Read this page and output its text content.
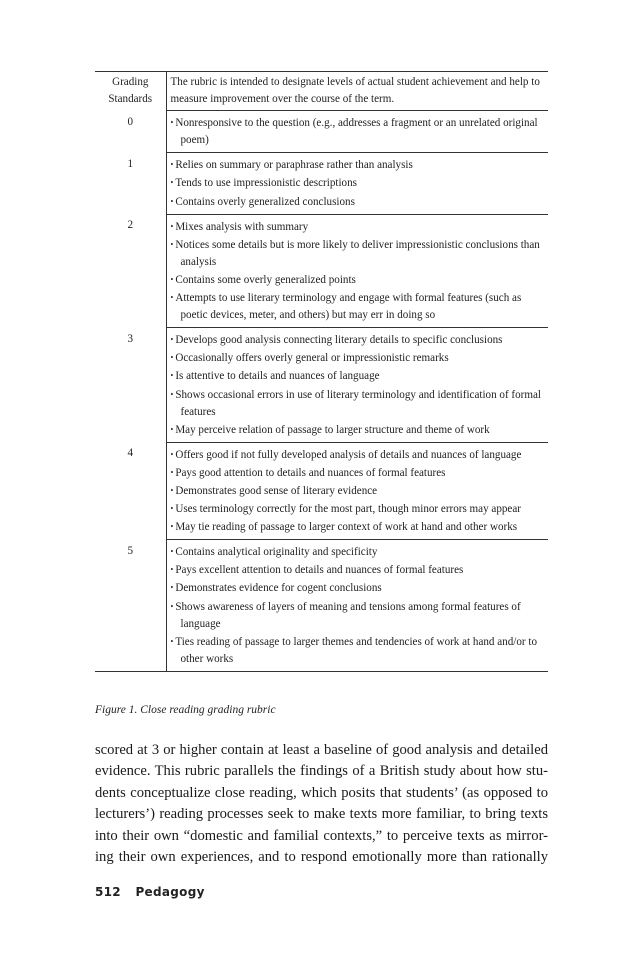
Grading
Standards	The rubric is intended to designate levels of actual student achievement and help to measure improvement over the course of the term.
0	• Nonresponsive to the question (e.g., addresses a fragment or an unrelated original poem)

1	• Relies on summary or paraphrase rather than analysis
• Tends to use impressionistic descriptions
• Contains overly generalized conclusions

2	• Mixes analysis with summary
• Notices some details but is more likely to deliver impressionistic conclusions than analysis
• Contains some overly generalized points
• Attempts to use literary terminology and engage with formal features (such as poetic devices, meter, and others) but may err in doing so

3	• Develops good analysis connecting literary details to specific conclusions
• Occasionally offers overly general or impressionistic remarks
• Is attentive to details and nuances of language
• Shows occasional errors in use of literary terminology and identification of formal features
• May perceive relation of passage to larger structure and theme of work

4	• Offers good if not fully developed analysis of details and nuances of language
• Pays good attention to details and nuances of formal features
• Demonstrates good sense of literary evidence
• Uses terminology correctly for the most part, though minor errors may appear
• May tie reading of passage to larger context of work at hand and other works

5	• Contains analytical originality and specificity
• Pays excellent attention to details and nuances of formal features
• Demonstrates evidence for cogent conclusions
• Shows awareness of layers of meaning and tensions among formal features of language
• Ties reading of passage to larger themes and tendencies of work at hand and/or to other works
Figure 1. Close reading grading rubric

scored at 3 or higher contain at least a baseline of good analysis and detailed
evidence. This rubric parallels the findings of a British study about how stu-
dents conceptualize close reading, which posits that students’ (as opposed to
lecturers’) reading processes seek to make texts more familiar, to bring texts
into their own “domestic and familial contexts,” to perceive texts as mirror-
ing their own experiences, and to respond emotionally more than rationally

512 Pedagogy
